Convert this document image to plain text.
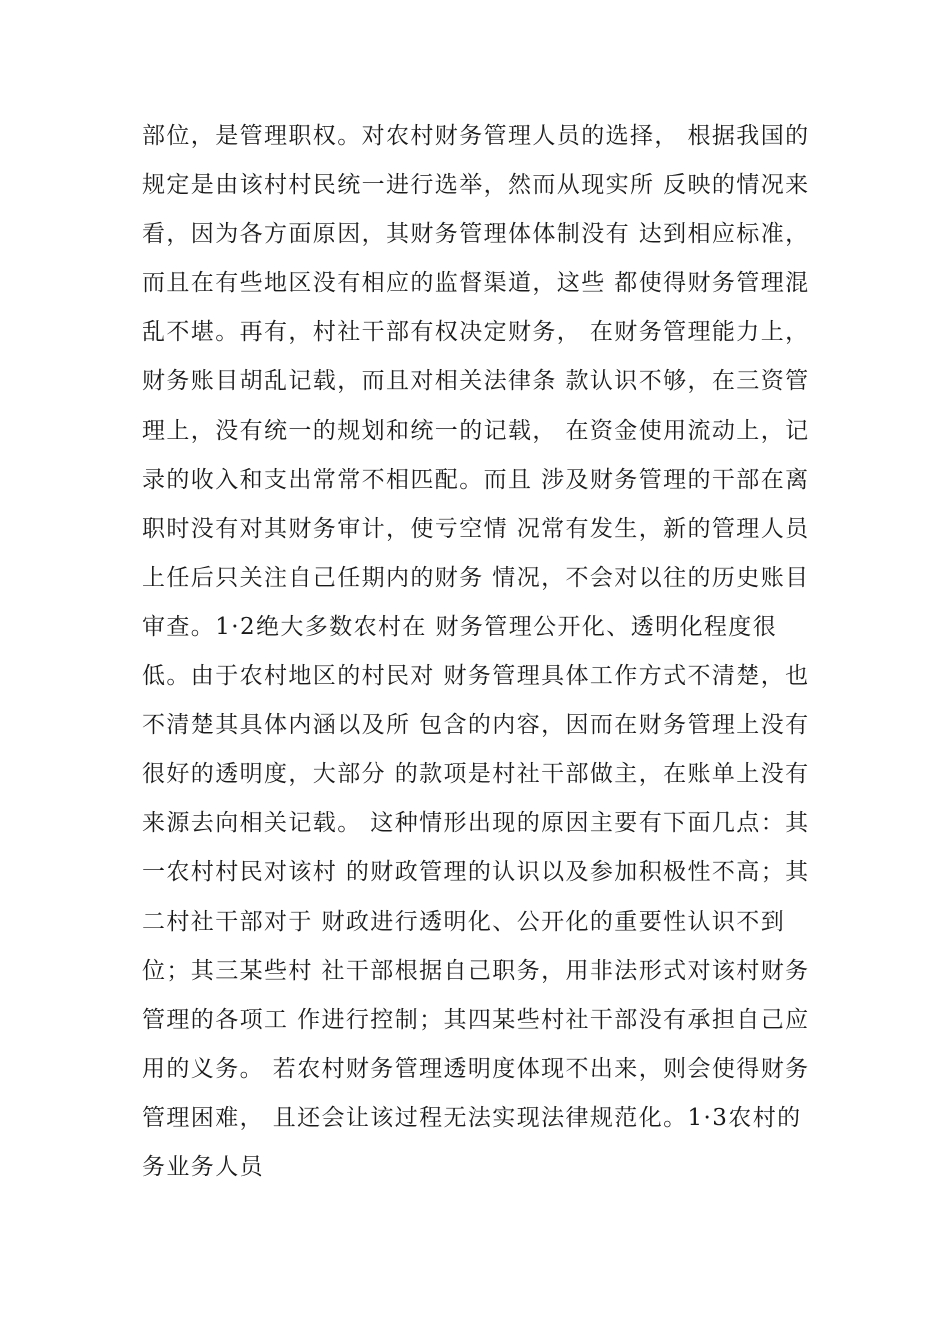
部位，是管理职权。对农村财务管理人员的选择， 根据我国的
规定是由该村村民统一进行选举，然而从现实所 反映的情况来
看，因为各方面原因，其财务管理体体制没有 达到相应标准，
而且在有些地区没有相应的监督渠道，这些 都使得财务管理混
乱不堪。再有，村社干部有权决定财务， 在财务管理能力上，
财务账目胡乱记载，而且对相关法律条 款认识不够，在三资管
理上，没有统一的规划和统一的记载， 在资金使用流动上，记
录的收入和支出常常不相匹配。而且 涉及财务管理的干部在离
职时没有对其财务审计，使亏空情 况常有发生，新的管理人员
上任后只关注自己任期内的财务 情况，不会对以往的历史账目
审查。1·2绝大多数农村在 财务管理公开化、透明化程度很
低。由于农村地区的村民对 财务管理具体工作方式不清楚，也
不清楚其具体内涵以及所 包含的内容，因而在财务管理上没有
很好的透明度，大部分 的款项是村社干部做主，在账单上没有
来源去向相关记载。 这种情形出现的原因主要有下面几点：其
一农村村民对该村 的财政管理的认识以及参加积极性不高；其
二村社干部对于 财政进行透明化、公开化的重要性认识不到
位；其三某些村 社干部根据自己职务，用非法形式对该村财务
管理的各项工 作进行控制；其四某些村社干部没有承担自己应
用的义务。 若农村财务管理透明度体现不出来，则会使得财务
管理困难， 且还会让该过程无法实现法律规范化。1·3农村的
务业务人员
